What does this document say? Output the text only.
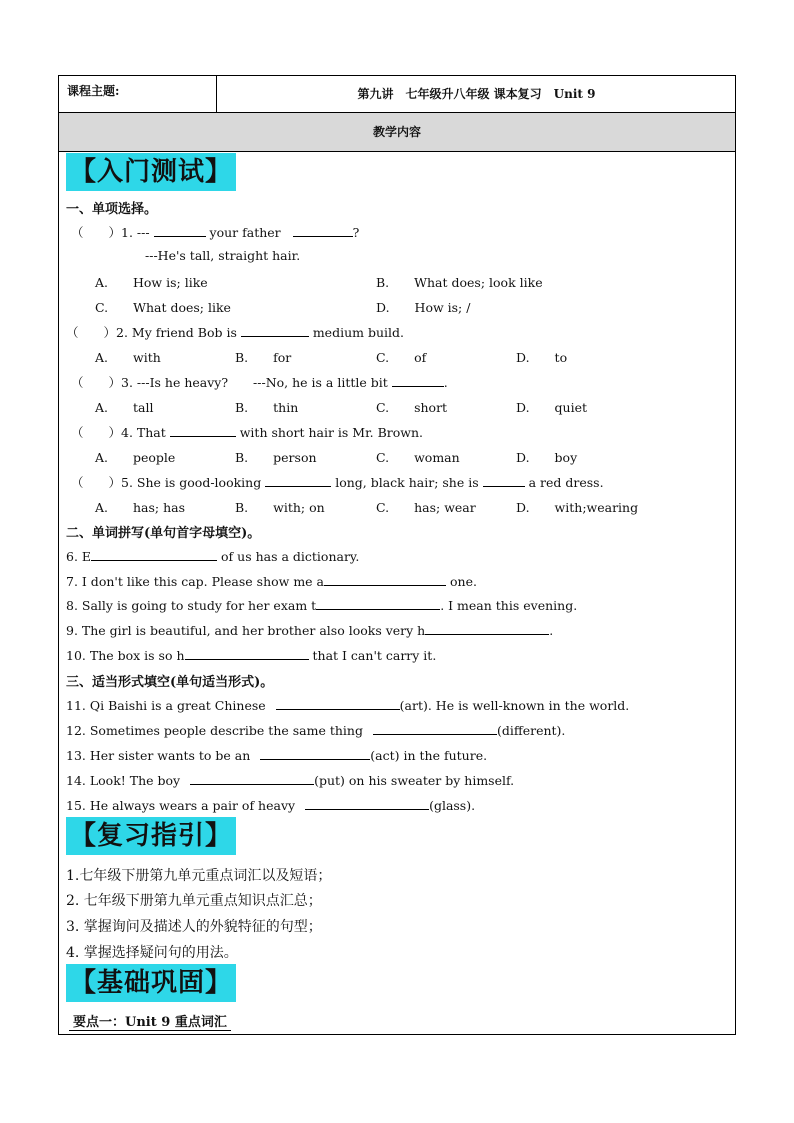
课程主题:	第九讲　七年级升八年级 课本复习　Unit 9
教学内容
【入门测试】
一、单项选择。
（　　）1. ---	your father	?
---He's tall, straight hair.
A.　　How is; like	B.　　What does; look like
C.　　What does; like	D.　　How is; /
（　　）2. My friend Bob is	medium build.
A.　　with	B.　　for	C.　　of	D.　　to
（　　）3. ---Is he heavy?　　---No, he is a little bit	.
A.　　tall	B.　　thin	C.　　short	D.　　quiet
（　　）4. That	with short hair is Mr. Brown.
A.　　people	B.　　person	C.　　woman	D.　　boy
（　　）5. She is good-looking	long, black hair; she is	a red dress.
A.　　has; has	B.　　with; on	C.　　has; wear	D.　　with;wearing
二、单词拼写(单句首字母填空)。
6. E	of us has a dictionary.
7. I don't like this cap. Please show me a	one.
8. Sally is going to study for her exam t	. I mean this evening.
9. The girl is beautiful, and her brother also looks very h	.
10. The box is so h	that I can't carry it.
三、适当形式填空(单句适当形式)。
11. Qi Baishi is a great Chinese	(art). He is well-known in the world.
12. Sometimes people describe the same thing	(different).
13. Her sister wants to be an	(act) in the future.
14. Look! The boy	(put) on his sweater by himself.
15. He always wears a pair of heavy	(glass).
【复习指引】
1.七年级下册第九单元重点词汇以及短语；
2. 七年级下册第九单元重点知识点汇总；
3. 掌握询问及描述人的外貌特征的句型；
4. 掌握选择疑问句的用法。
【基础巩固】
要点一：Unit 9 重点词汇
